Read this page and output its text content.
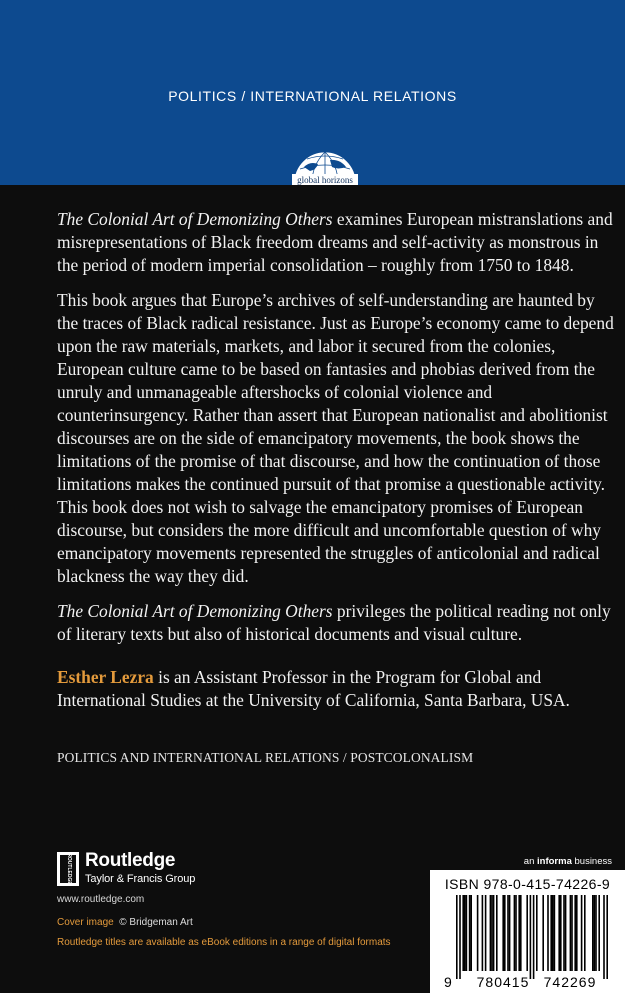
POLITICS / INTERNATIONAL RELATIONS
global horizons

The Colonial Art of Demonizing Others examines European mistranslations and misrepresentations of Black freedom dreams and self-activity as monstrous in the period of modern imperial consolidation – roughly from 1750 to 1848.

This book argues that Europe’s archives of self-understanding are haunted by the traces of Black radical resistance. Just as Europe’s economy came to depend upon the raw materials, markets, and labor it secured from the colonies, European culture came to be based on fantasies and phobias derived from the unruly and unmanageable aftershocks of colonial violence and counterinsurgency. Rather than assert that European nationalist and abolitionist discourses are on the side of emancipatory movements, the book shows the limitations of the promise of that discourse, and how the continuation of those limitations makes the continued pursuit of that promise a questionable activity. This book does not wish to salvage the emancipatory promises of European discourse, but considers the more difficult and uncomfortable question of why emancipatory movements represented the struggles of anticolonial and radical blackness the way they did.

The Colonial Art of Demonizing Others privileges the political reading not only of literary texts but also of historical documents and visual culture.

Esther Lezra is an Assistant Professor in the Program for Global and International Studies at the University of California, Santa Barbara, USA.

POLITICS AND INTERNATIONAL RELATIONS / POSTCOLONALISM
ROUTLEDGE Routledge
Taylor & Francis Group
www.routledge.com
Cover image © Bridgeman Art
Routledge titles are available as eBook editions in a range of digital formats
an informa business
ISBN 978-0-415-74226-9
9 780415 742269
